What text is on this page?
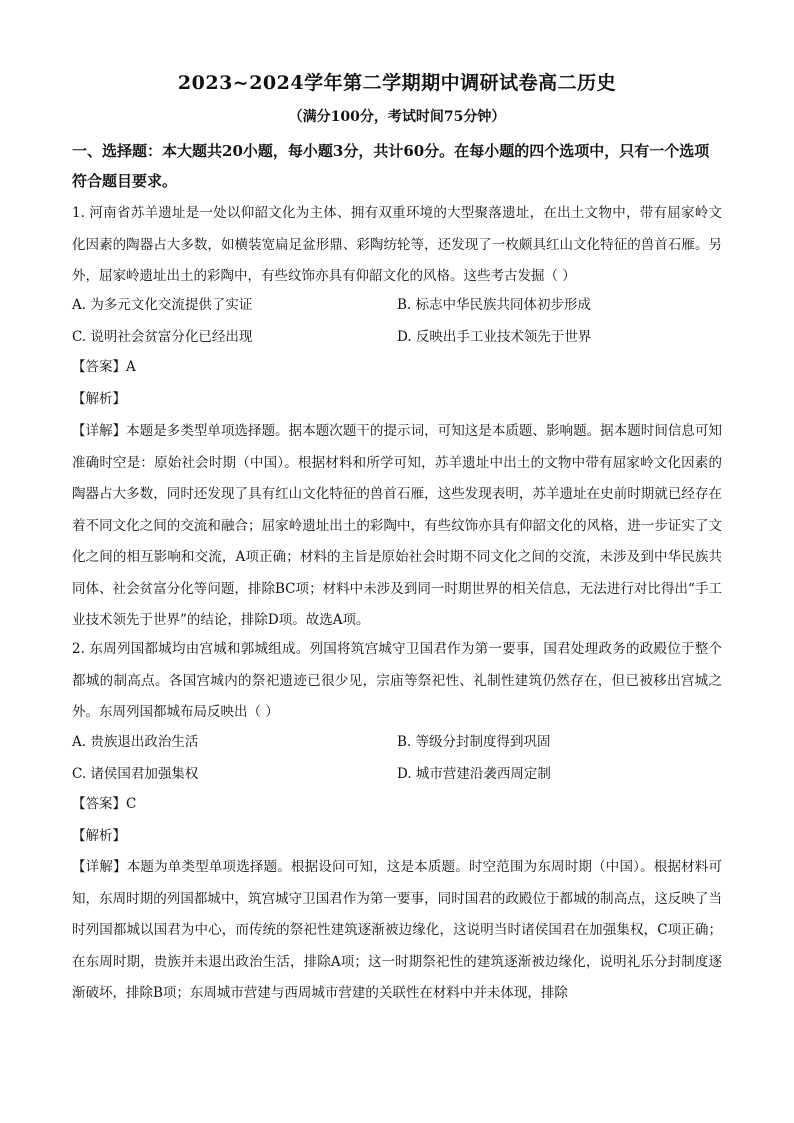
2023~2024学年第二学期期中调研试卷高二历史
（满分100分，考试时间75分钟）
一、选择题：本大题共20小题，每小题3分，共计60分。在每小题的四个选项中，只有一个选项符合题目要求。
1. 河南省苏羊遗址是一处以仰韶文化为主体、拥有双重环境的大型聚落遗址，在出土文物中，带有屈家岭文化因素的陶器占大多数，如横装宽扁足盆形鼎、彩陶纺轮等，还发现了一枚颇具红山文化特征的兽首石雁。另外，屈家岭遗址出土的彩陶中，有些纹饰亦具有仰韶文化的风格。这些考古发掘（ ）
A. 为多元文化交流提供了实证	B. 标志中华民族共同体初步形成
C. 说明社会贫富分化已经出现	D. 反映出手工业技术领先于世界
【答案】A
【解析】
【详解】本题是多类型单项选择题。据本题次题干的提示词，可知这是本质题、影响题。据本题时间信息可知准确时空是：原始社会时期（中国）。根据材料和所学可知，苏羊遗址中出土的文物中带有屈家岭文化因素的陶器占大多数，同时还发现了具有红山文化特征的兽首石雁，这些发现表明，苏羊遗址在史前时期就已经存在着不同文化之间的交流和融合；屈家岭遗址出土的彩陶中，有些纹饰亦具有仰韶文化的风格，进一步证实了文化之间的相互影响和交流，A项正确；材料的主旨是原始社会时期不同文化之间的交流，未涉及到中华民族共同体、社会贫富分化等问题，排除BC项；材料中未涉及到同一时期世界的相关信息，无法进行对比得出“手工业技术领先于世界”的结论，排除D项。故选A项。
2. 东周列国都城均由宫城和郭城组成。列国将筑宫城守卫国君作为第一要事，国君处理政务的政殿位于整个都城的制高点。各国宫城内的祭祀遗迹已很少见，宗庙等祭祀性、礼制性建筑仍然存在，但已被移出宫城之外。东周列国都城布局反映出（ ）
A. 贵族退出政治生活	B. 等级分封制度得到巩固
C. 诸侯国君加强集权	D. 城市营建沿袭西周定制
【答案】C
【解析】
【详解】本题为单类型单项选择题。根据设问可知，这是本质题。时空范围为东周时期（中国）。根据材料可知，东周时期的列国都城中，筑宫城守卫国君作为第一要事，同时国君的政殿位于都城的制高点，这反映了当时列国都城以国君为中心，而传统的祭祀性建筑逐渐被边缘化，这说明当时诸侯国君在加强集权，C项正确；在东周时期，贵族并未退出政治生活，排除A项；这一时期祭祀性的建筑逐渐被边缘化，说明礼乐分封制度逐渐破坏，排除B项；东周城市营建与西周城市营建的关联性在材料中并未体现，排除
